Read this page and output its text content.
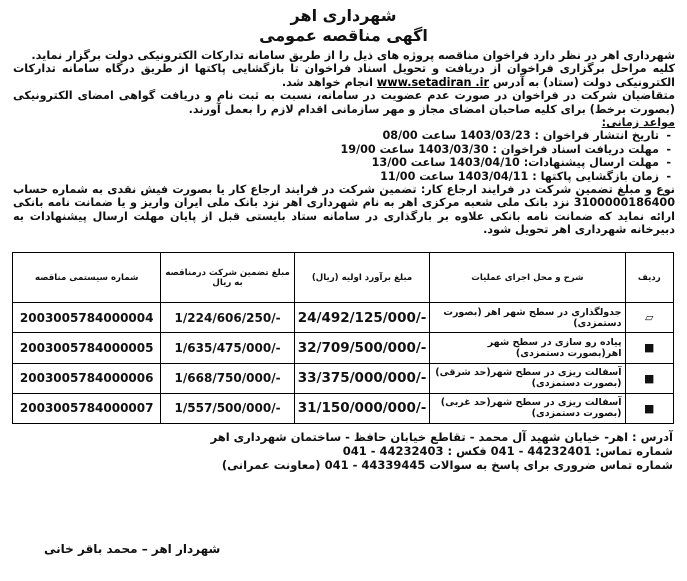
شهرداری اهر
اگهی مناقصه عمومی

شهرداری اهر در نظر دارد فراخوان مناقصه پروژه های ذیل را از طریق سامانه تدارکات الکترونیکی دولت برگزار نماید.

کلیه مراحل برگزاری فراخوان از دریافت و تحویل اسناد فراخوان تا بازگشایی پاکتها از طریق درگاه سامانه تدارکات الکترونیکی دولت (ستاد) به آدرس www.setadiran .ir انجام خواهد شد.

متقاضیان شرکت در فراخوان در صورت عدم عضویت در سامانه، نسبت به ثبت نام و دریافت گواهی امضای الکترونیکی (بصورت برخط) برای کلیه صاحبان امضای مجاز و مهر سازمانی اقدام لازم را بعمل آورند.

مواعد زمانی:

- تاریخ انتشار فراخوان : 1403/03/23 ساعت 08/00
- مهلت دریافت اسناد فراخوان : 1403/03/30 ساعت 19/00
- مهلت ارسال پیشنهادات: 1403/04/10 ساعت 13/00
- زمان بازگشایی پاکتها : 1403/04/11 ساعت 11/00

نوع و مبلغ تضمین شرکت در فرایند ارجاع کار: تضمین شرکت در فرایند ارجاع کار یا بصورت فیش نقدی به شماره حساب 3100000186400 نزد بانک ملی شعبه مرکزی اهر به نام شهرداری اهر نزد بانک ملی ایران واریز و یا ضمانت نامه بانکی ارائه نماید که ضمانت نامه بانکی علاوه بر بارگذاری در سامانه ستاد بایستی قبل از پایان مهلت ارسال پیشنهادات به دبیرخانه شهرداری اهر تحویل شود.

ردیف	شرح و محل اجرای عملیات	مبلغ برآورد اولیه (ریال)	مبلغ تضمین شرکت درمناقصه به ریال	شماره سیستمی مناقصه
▱	جدولگذاری در سطح شهر اهر (بصورت دستمزدی)	24/492/125/000/-	1/224/606/250/-	2003005784000004
■	پیاده رو سازی در سطح شهر اهر(بصورت دستمزدی)	32/709/500/000/-	1/635/475/000/-	2003005784000005
■	آسفالت ریزی در سطح شهر(حد شرقی) (بصورت دستمزدی)	33/375/000/000/-	1/668/750/000/-	2003005784000006
■	آسفالت ریزی در سطح شهر(حد غربی) (بصورت دستمزدی)	31/150/000/000/-	1/557/500/000/-	2003005784000007

آدرس : اهر- خیابان شهید آل محمد - تقاطع خیابان حافظ - ساختمان شهرداری اهر

شماره تماس: 44232401 - 041 فکس : 44232403 - 041

شماره تماس ضروری برای پاسخ به سوالات 44339445 - 041 (معاونت عمرانی)

شهردار اهر – محمد باقر خانی
